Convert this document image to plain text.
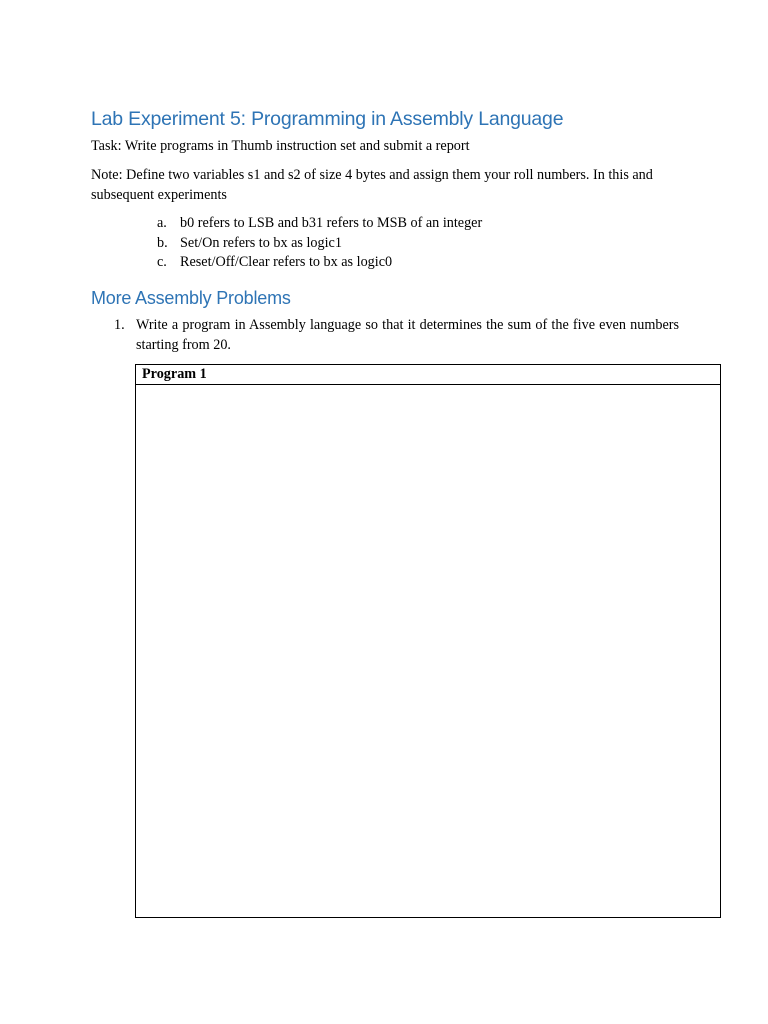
Lab Experiment 5: Programming in Assembly Language

Task: Write programs in Thumb instruction set and submit a report

Note: Define two variables s1 and s2 of size 4 bytes and assign them your roll numbers. In this and subsequent experiments

a. b0 refers to LSB and b31 refers to MSB of an integer
b. Set/On refers to bx as logic1
c. Reset/Off/Clear refers to bx as logic0
More Assembly Problems
1. Write a program in Assembly language so that it determines the sum of the five even numbers starting from 20.
Program 1
